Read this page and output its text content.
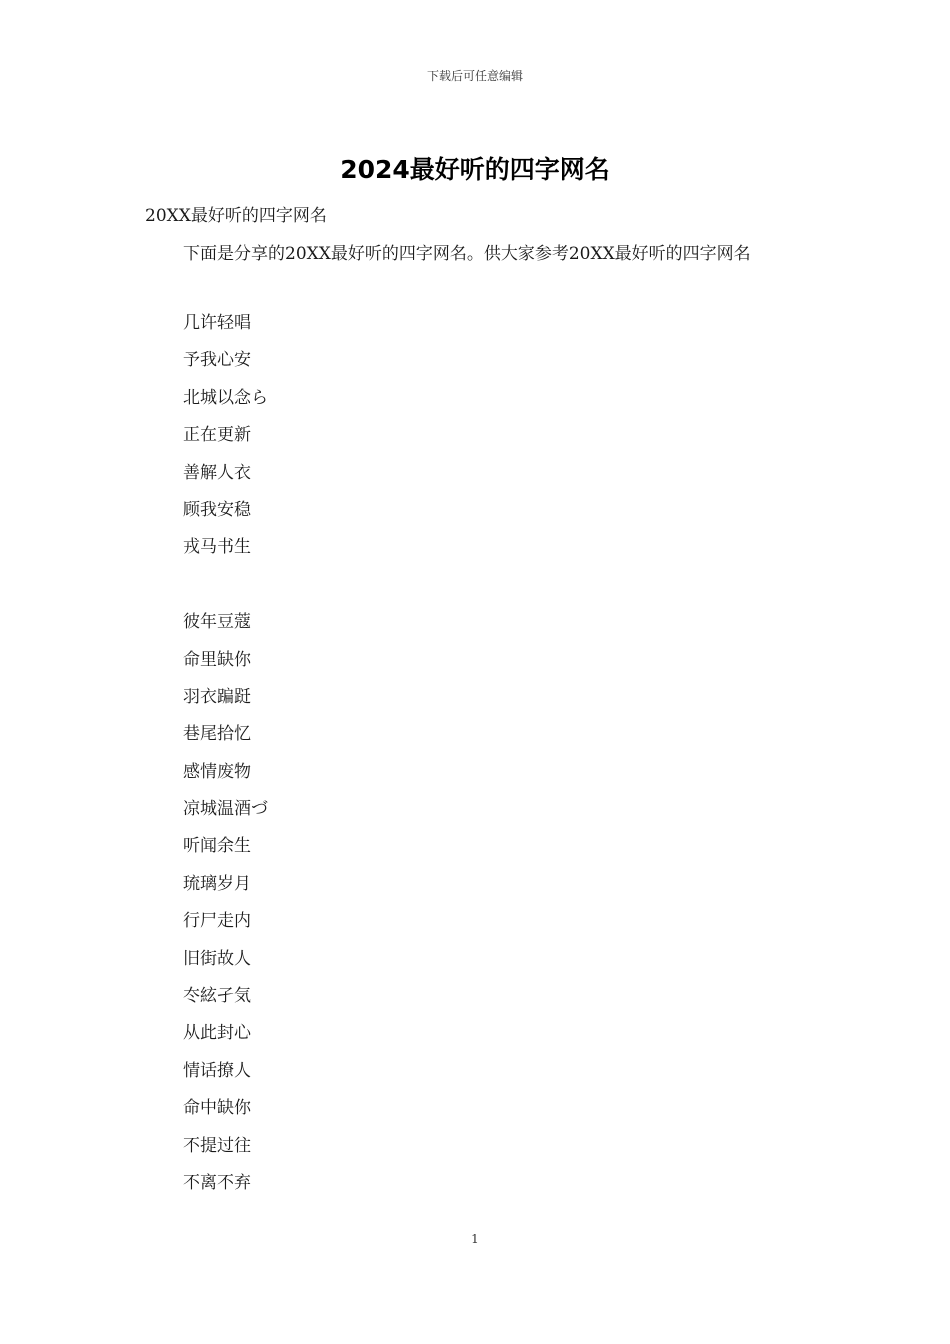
下载后可任意编辑
2024最好听的四字网名
20XX最好听的四字网名
下面是分享的20XX最好听的四字网名。供大家参考20XX最好听的四字网名
几许轻唱
予我心安
北城以念ら
正在更新
善解人衣
顾我安稳
戎马书生
彼年豆蔻
命里缺你
羽衣蹁跹
巷尾拾忆
感情废物
凉城温酒づ
听闻余生
琉璃岁月
行尸走内
旧街故人
冭絃孑気
从此封心
情话撩人
命中缺你
不提过往
不离不弃
1
